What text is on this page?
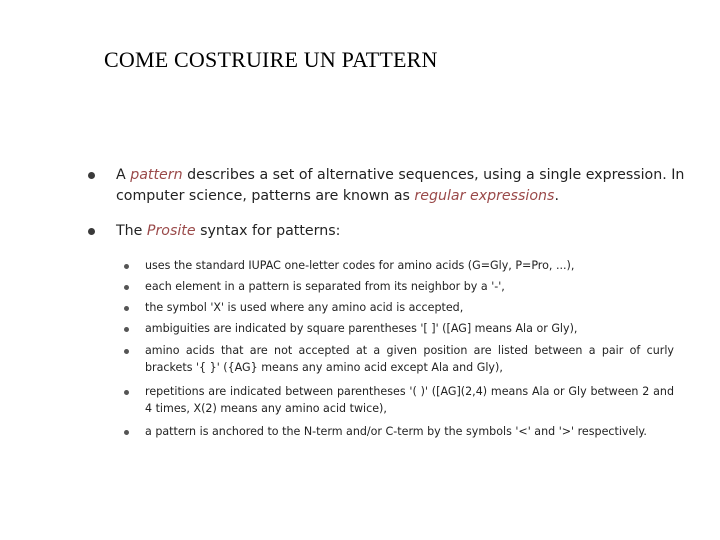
COME COSTRUIRE UN PATTERN
A pattern describes a set of alternative sequences, using a single expression. In computer science, patterns are known as regular expressions.
The Prosite syntax for patterns:
uses the standard IUPAC one-letter codes for amino acids (G=Gly, P=Pro, ...),
each element in a pattern is separated from its neighbor by a '-',
the symbol 'X' is used where any amino acid is accepted,
ambiguities are indicated by square parentheses '[ ]' ([AG] means Ala or Gly),
amino acids that are not accepted at a given position are listed between a pair of curly brackets '{ }' ({AG} means any amino acid except Ala and Gly),
repetitions are indicated between parentheses '( )' ([AG](2,4) means Ala or Gly between 2 and 4 times, X(2) means any amino acid twice),
a pattern is anchored to the N-term and/or C-term by the symbols '<' and '>' respectively.
